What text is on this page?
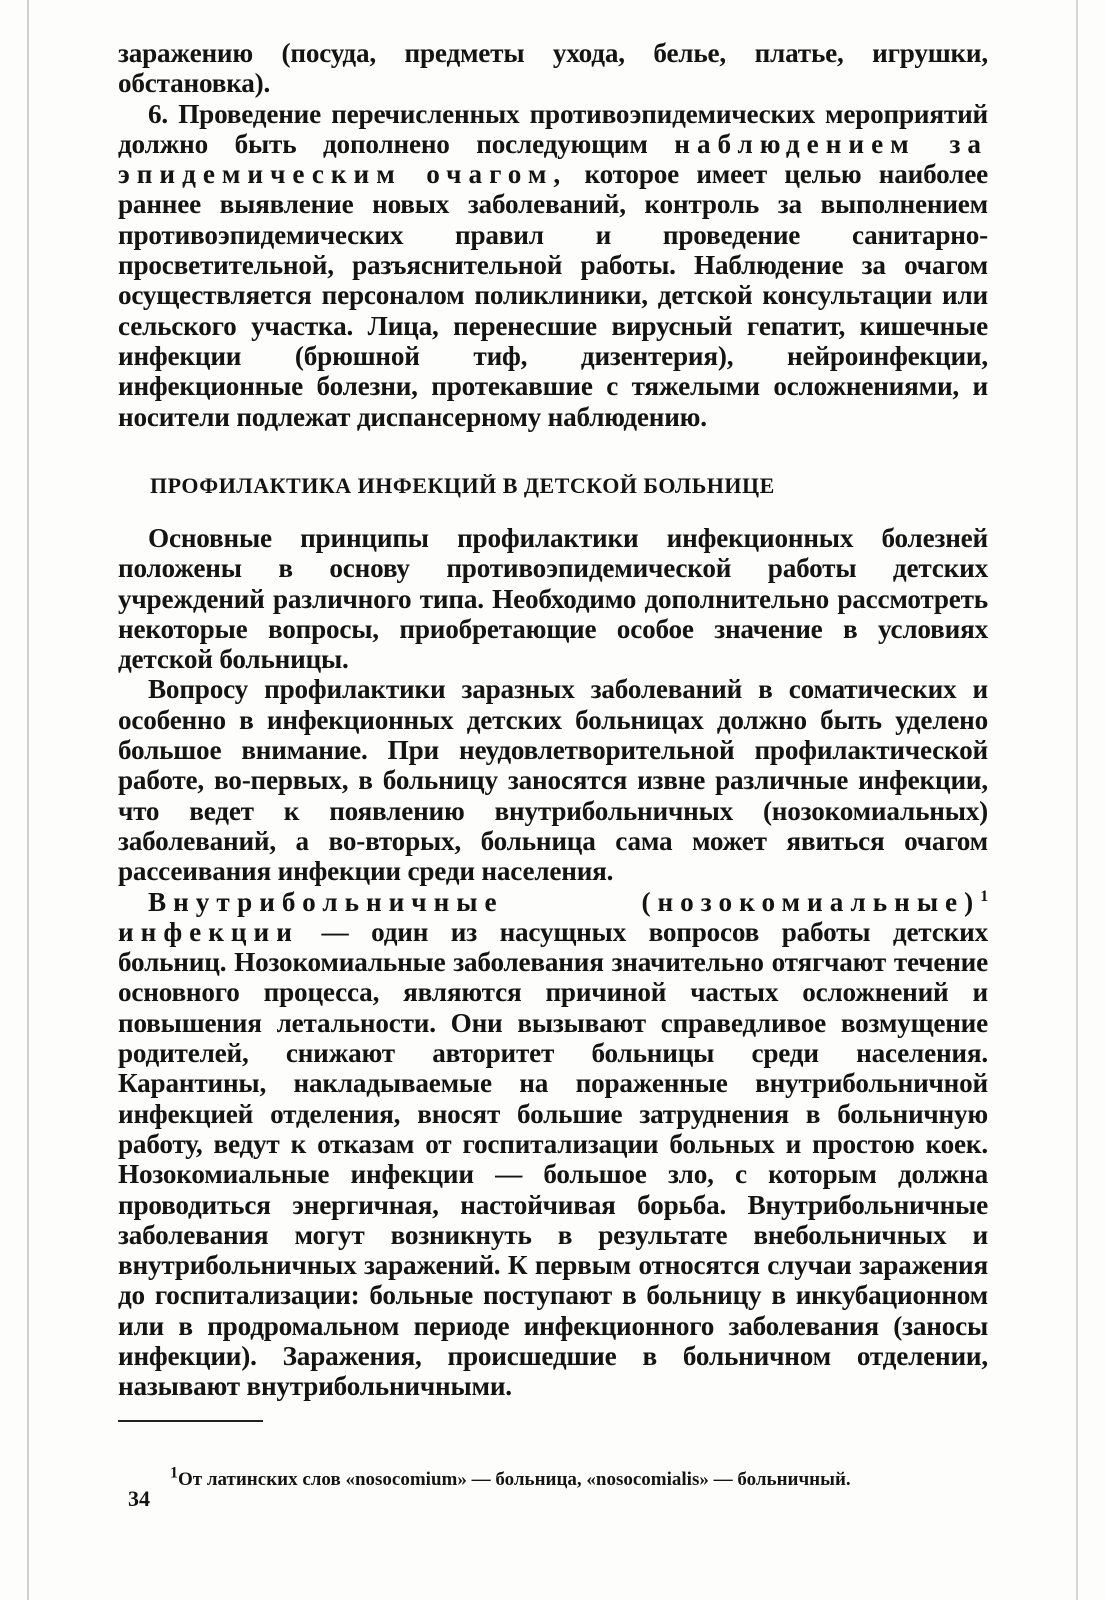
заражению (посуда, предметы ухода, белье, платье, игрушки, обстановка).

6. Проведение перечисленных противоэпидемических мероприятий должно быть дополнено последующим наблюдением за эпидемическим очагом, которое имеет целью наиболее раннее выявление новых заболеваний, контроль за выполнением противоэпидемических правил и проведение санитарно-просветительной, разъяснительной работы. Наблюдение за очагом осуществляется персоналом поликлиники, детской консультации или сельского участка. Лица, перенесшие вирусный гепатит, кишечные инфекции (брюшной тиф, дизентерия), нейроинфекции, инфекционные болезни, протекавшие с тяжелыми осложнениями, и носители подлежат диспансерному наблюдению.

ПРОФИЛАКТИКА ИНФЕКЦИЙ В ДЕТСКОЙ БОЛЬНИЦЕ

Основные принципы профилактики инфекционных болезней положены в основу противоэпидемической работы детских учреждений различного типа. Необходимо дополнительно рассмотреть некоторые вопросы, приобретающие особое значение в условиях детской больницы.

Вопросу профилактики заразных заболеваний в соматических и особенно в инфекционных детских больницах должно быть уделено большое внимание. При неудовлетворительной профилактической работе, во-первых, в больницу заносятся извне различные инфекции, что ведет к появлению внутрибольничных (нозокомиальных) заболеваний, а во-вторых, больница сама может явиться очагом рассеивания инфекции среди населения.

Внутрибольничные (нозокомиальные)$^1$ инфекции — один из насущных вопросов работы детских больниц. Нозокомиальные заболевания значительно отягчают течение основного процесса, являются причиной частых осложнений и повышения летальности. Они вызывают справедливое возмущение родителей, снижают авторитет больницы среди населения. Карантины, накладываемые на пораженные внутрибольничной инфекцией отделения, вносят большие затруднения в больничную работу, ведут к отказам от госпитализации больных и простою коек. Нозокомиальные инфекции — большое зло, с которым должна проводиться энергичная, настойчивая борьба. Внутрибольничные заболевания могут возникнуть в результате внебольничных и внутрибольничных заражений. К первым относятся случаи заражения до госпитализации: больные поступают в больницу в инкубационном или в продромальном периоде инфекционного заболевания (заносы инфекции). Заражения, происшедшие в больничном отделении, называют внутрибольничными.

$^1$От латинских слов «nosocomium» — больница, «nosocomialis» — больничный.
34
